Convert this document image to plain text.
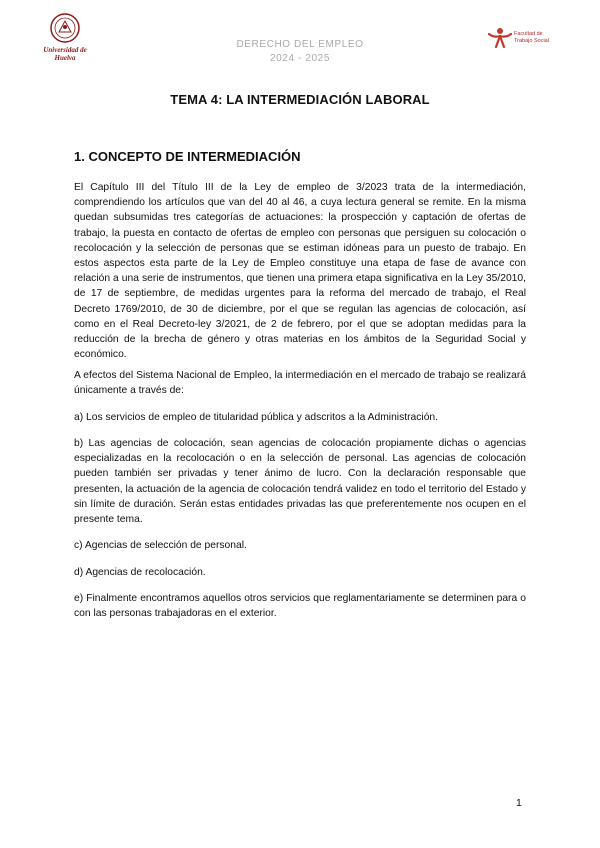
Universidad de Huelva
DERECHO DEL EMPLEO
2024 - 2025
Facultad de
Trabajo Social
TEMA 4: LA INTERMEDIACIÓN LABORAL
1. CONCEPTO DE INTERMEDIACIÓN

El Capítulo III del Título III de la Ley de empleo de 3/2023 trata de la intermediación, comprendiendo los artículos que van del 40 al 46, a cuya lectura general se remite. En la misma quedan subsumidas tres categorías de actuaciones: la prospección y captación de ofertas de trabajo, la puesta en contacto de ofertas de empleo con personas que persiguen su colocación o recolocación y la selección de personas que se estiman idóneas para un puesto de trabajo. En estos aspectos esta parte de la Ley de Empleo constituye una etapa de fase de avance con relación a una serie de instrumentos, que tienen una primera etapa significativa en la Ley 35/2010, de 17 de septiembre, de medidas urgentes para la reforma del mercado de trabajo, el Real Decreto 1769/2010, de 30 de diciembre, por el que se regulan las agencias de colocación, así como en el Real Decreto-ley 3/2021, de 2 de febrero, por el que se adoptan medidas para la reducción de la brecha de género y otras materias en los ámbitos de la Seguridad Social y económico.

A efectos del Sistema Nacional de Empleo, la intermediación en el mercado de trabajo se realizará únicamente a través de:

a) Los servicios de empleo de titularidad pública y adscritos a la Administración.

b) Las agencias de colocación, sean agencias de colocación propiamente dichas o agencias especializadas en la recolocación o en la selección de personal. Las agencias de colocación pueden también ser privadas y tener ánimo de lucro. Con la declaración responsable que presenten, la actuación de la agencia de colocación tendrá validez en todo el territorio del Estado y sin límite de duración. Serán estas entidades privadas las que preferentemente nos ocupen en el presente tema.

c) Agencias de selección de personal.

d) Agencias de recolocación.

e) Finalmente encontramos aquellos otros servicios que reglamentariamente se determinen para o con las personas trabajadoras en el exterior.

1
